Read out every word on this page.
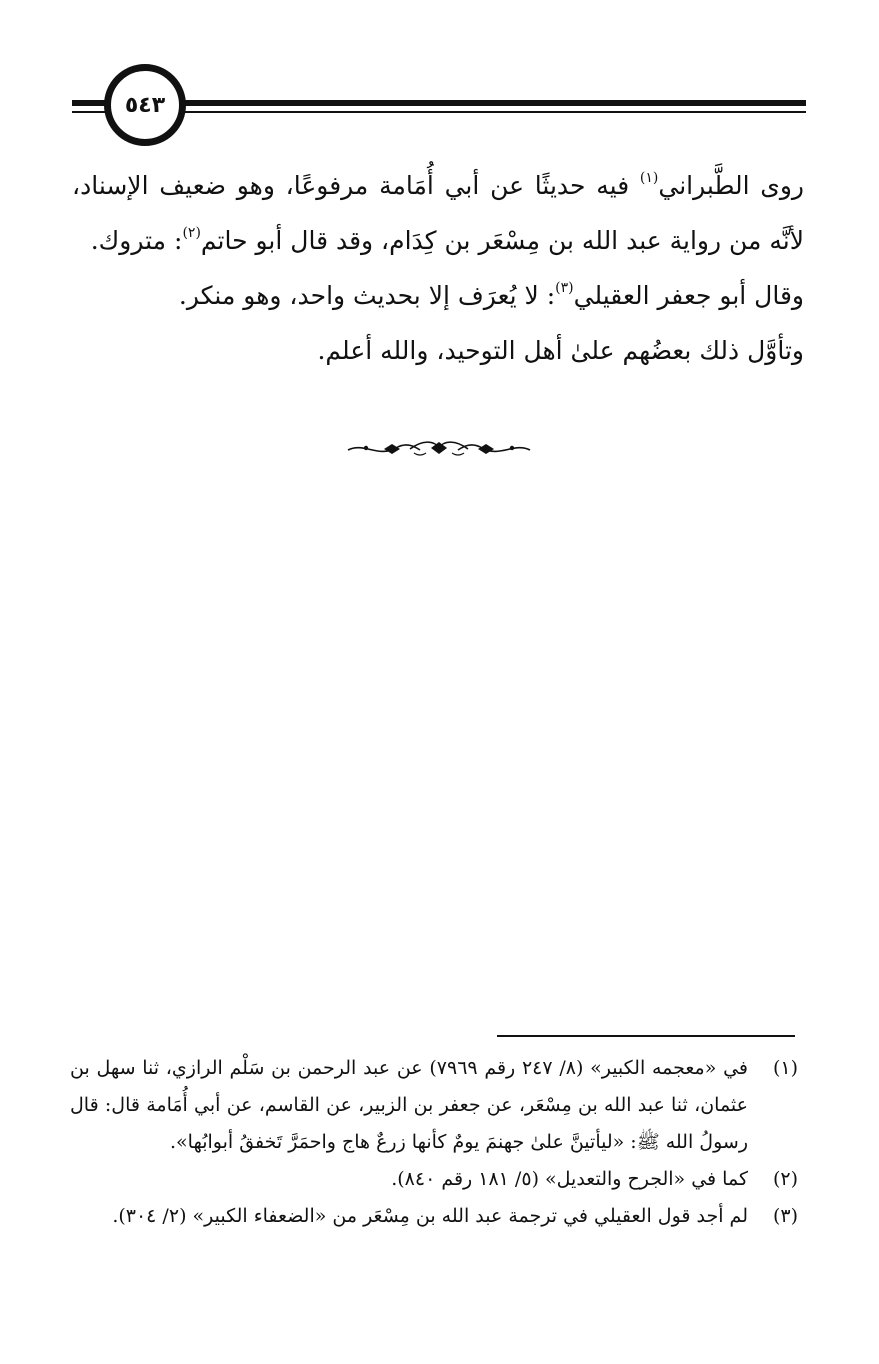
٥٤٣

روى الطَّبراني$^{(١)}$ فيه حديثًا عن أبي أُمَامة مرفوعًا، وهو ضعيف الإسناد، لأنَّه من رواية عبد الله بن مِسْعَر بن كِدَام، وقد قال أبو حاتم$^{(٢)}$: متروك.

وقال أبو جعفر العقيلي$^{(٣)}$: لا يُعرَف إلا بحديث واحد، وهو منكر.

وتأوَّل ذلك بعضُهم علىٰ أهل التوحيد، والله أعلم.

(١)
في «معجمه الكبير» (٨/ ٢٤٧ رقم ٧٩٦٩) عن عبد الرحمن بن سَلْم الرازي، ثنا سهل بن عثمان، ثنا عبد الله بن مِسْعَر، عن جعفر بن الزبير، عن القاسم، عن أبي أُمَامة قال: قال رسولُ الله ﷺ: «ليأتينَّ علىٰ جهنمَ يومٌ كأنها زرعٌ هاج واحمَرَّ تَخفقُ أبوابُها».
(٢)
كما في «الجرح والتعديل» (٥/ ١٨١ رقم ٨٤٠).
(٣)
لم أجد قول العقيلي في ترجمة عبد الله بن مِسْعَر من «الضعفاء الكبير» (٢/ ٣٠٤).
